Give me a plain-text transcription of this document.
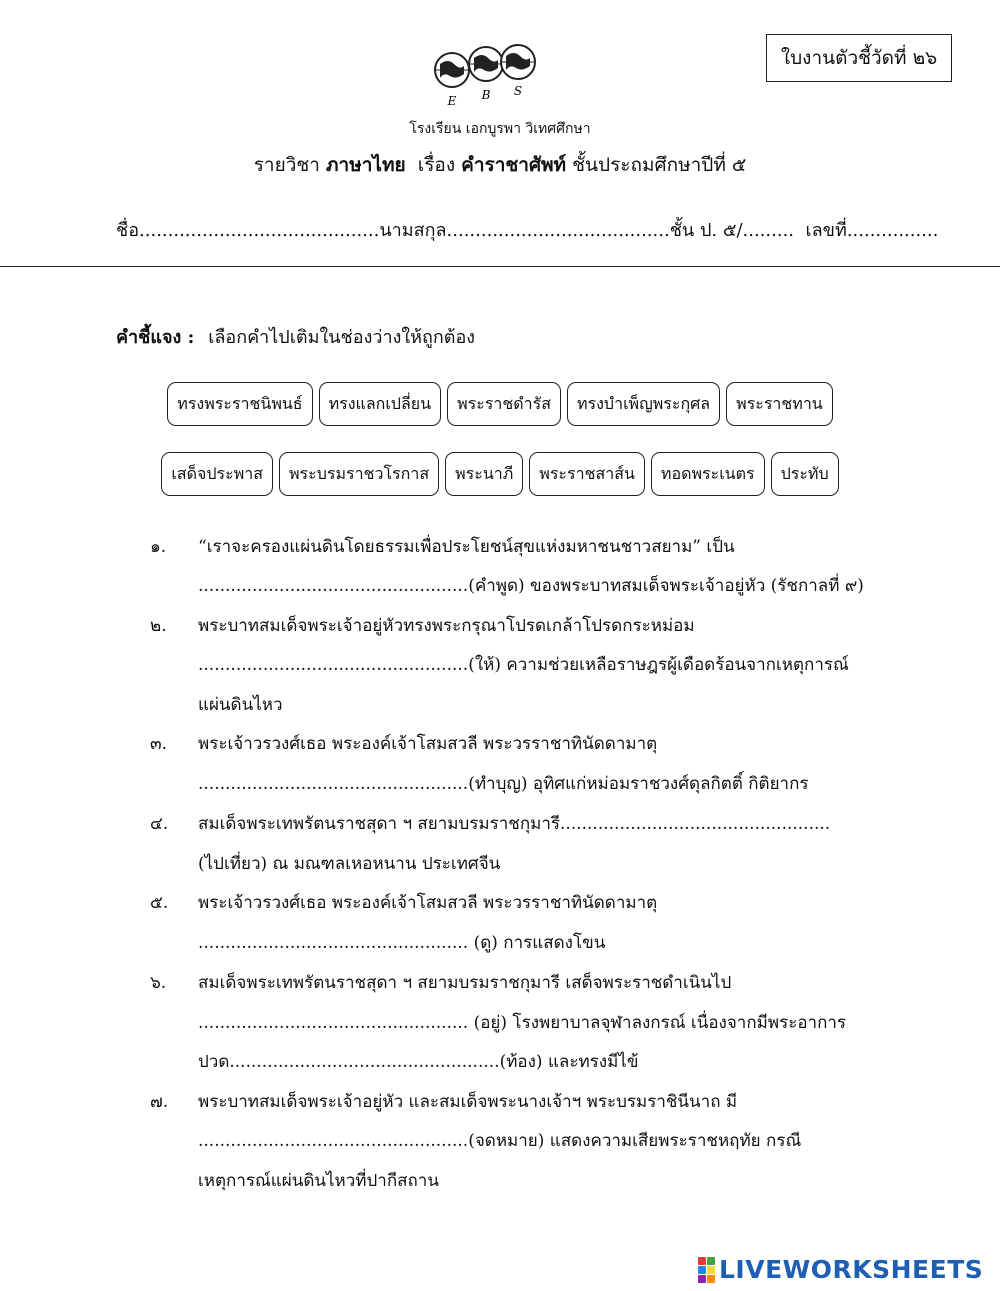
ใบงานตัวชี้วัดที่ ๒๖
E B S
โรงเรียน เอกบูรพา วิเทศศึกษา
รายวิชา ภาษาไทย เรื่อง คำราชาศัพท์ ชั้นประถมศึกษาปีที่ ๕
ชื่อ..........................................นามสกุล.......................................ชั้น ป. ๕/......... เลขที่................
คำชี้แจง : เลือกคำไปเติมในช่องว่างให้ถูกต้อง
ทรงพระราชนิพนธ์	ทรงแลกเปลี่ยน	พระราชดำรัส	ทรงบำเพ็ญพระกุศล	พระราชทาน
เสด็จประพาส	พระบรมราชวโรกาส	พระนาภี	พระราชสาส์น	ทอดพระเนตร	ประทับ
๑. “เราจะครองแผ่นดินโดยธรรมเพื่อประโยชน์สุขแห่งมหาชนชาวสยาม” เป็น
..................................................(คำพูด) ของพระบาทสมเด็จพระเจ้าอยู่หัว (รัชกาลที่ ๙)
๒. พระบาทสมเด็จพระเจ้าอยู่หัวทรงพระกรุณาโปรดเกล้าโปรดกระหม่อม
..................................................(ให้) ความช่วยเหลือราษฎรผู้เดือดร้อนจากเหตุการณ์
แผ่นดินไหว
๓. พระเจ้าวรวงศ์เธอ พระองค์เจ้าโสมสวลี พระวรราชาทินัดดามาตุ
..................................................(ทำบุญ) อุทิศแก่หม่อมราชวงศ์ดุลกิตติ์ กิติยากร
๔. สมเด็จพระเทพรัตนราชสุดา ฯ สยามบรมราชกุมารี..................................................
(ไปเที่ยว) ณ มณฑลเหอหนาน ประเทศจีน
๕. พระเจ้าวรวงศ์เธอ พระองค์เจ้าโสมสวลี พระวรราชาทินัดดามาตุ
.................................................. (ดู) การแสดงโขน
๖. สมเด็จพระเทพรัตนราชสุดา ฯ สยามบรมราชกุมารี เสด็จพระราชดำเนินไป
.................................................. (อยู่) โรงพยาบาลจุฬาลงกรณ์ เนื่องจากมีพระอาการ
ปวด..................................................(ท้อง) และทรงมีไข้
๗. พระบาทสมเด็จพระเจ้าอยู่หัว และสมเด็จพระนางเจ้าฯ พระบรมราชินีนาถ มี
..................................................(จดหมาย) แสดงความเสียพระราชหฤทัย กรณี
เหตุการณ์แผ่นดินไหวที่ปากีสถาน
LIVEWORKSHEETS
